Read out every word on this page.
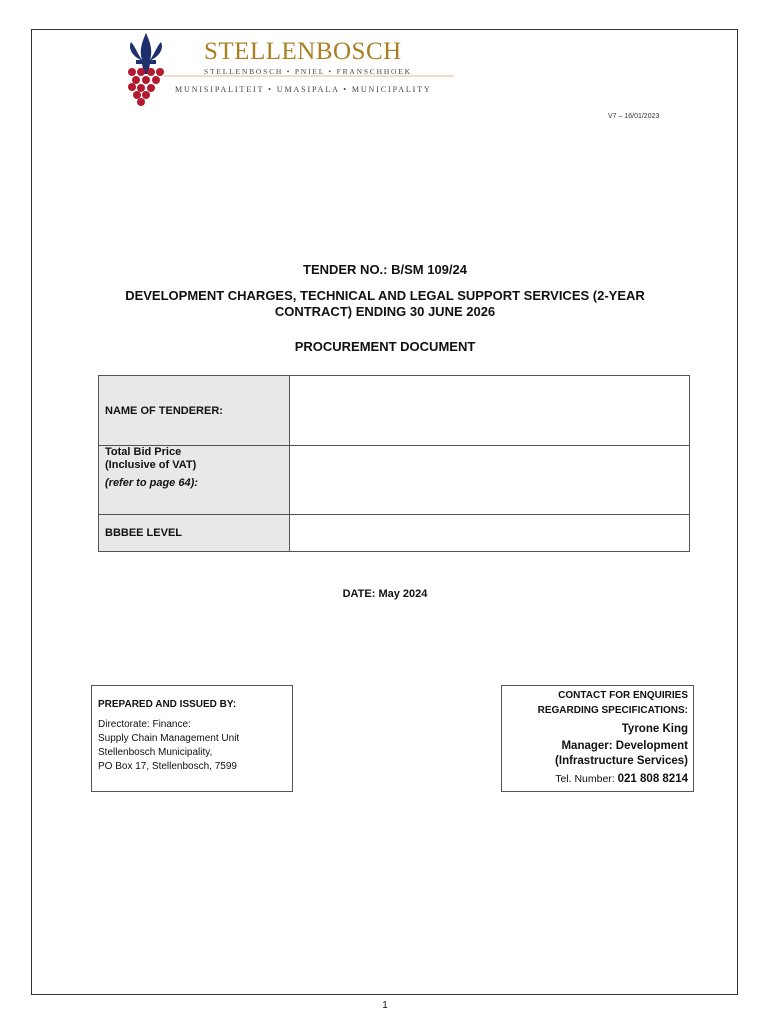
STELLENBOSCH
STELLENBOSCH • PNIEL • FRANSCHHOEK
MUNISIPALITEIT • UMASIPALA • MUNICIPALITY
V7 – 16/01/2023
TENDER NO.: B/SM 109/24
DEVELOPMENT CHARGES, TECHNICAL AND LEGAL SUPPORT SERVICES (2-YEAR CONTRACT) ENDING 30 JUNE 2026
PROCUREMENT DOCUMENT
NAME OF TENDERER:	
Total Bid Price
(Inclusive of VAT)
(refer to page 64):	

BBBEE LEVEL	
DATE: May 2024
PREPARED AND ISSUED BY:
Directorate: Finance:
Supply Chain Management Unit
Stellenbosch Municipality,
PO Box 17, Stellenbosch, 7599
CONTACT FOR ENQUIRIES
REGARDING SPECIFICATIONS:
Tyrone King
Manager: Development
(Infrastructure Services)
Tel. Number: 021 808 8214
1
